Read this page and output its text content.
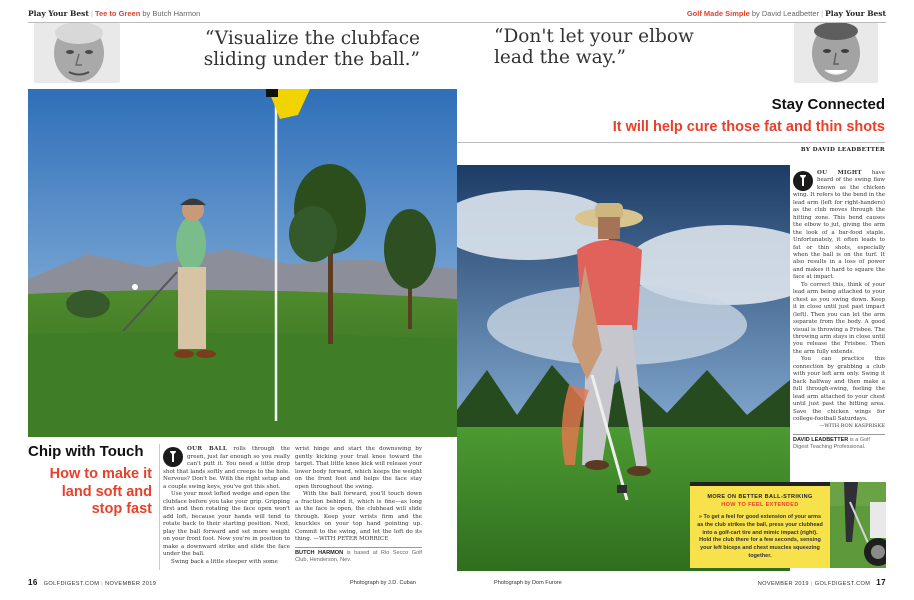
Play Your Best | Tee to Green by Butch Harmon	Golf Made Simple by David Leadbetter | Play Your Best
“Visualize the clubface sliding under the ball.”
“Don't let your elbow lead the way.”
Chip with Touch
How to make it land soft and stop fast

OUR BALL rolls through the green, just far enough so you really can't putt it. You need a little drop shot that lands softly and creeps to the hole. Nervous? Don't be. With the right setup and a couple swing keys, you've got this shot.

Use your most lofted wedge and open the clubface before you take your grip. Gripping first and then rotating the face open won't add loft, because your hands will tend to rotate back to their starting position. Next, play the ball forward and set more weight on your front foot. Now you're in position to make a downward strike and slide the face under the ball.

Swing back a little steeper with some

wrist hinge and start the downswing by gently kicking your trail knee toward the target. That little knee kick will release your lower body forward, which keeps the weight on the front foot and helps the face stay open throughout the swing.

With the ball forward, you'll touch down a fraction behind it, which is fine—as long as the face is open, the clubhead will slide through. Keep your wrists firm and the knuckles on your top hand pointing up. Commit to the swing, and let the loft do its thing. —WITH PETER MORRICE

BUTCH HARMON is based at Rio Secco Golf Club, Henderson, Nev.

Stay Connected
It will help cure those fat and thin shots
BY DAVID LEADBETTER

OU MIGHT have heard of the swing flaw known as the chicken wing. It refers to the bend in the lead arm (left for right-handers) as the club moves through the hitting zone. This bend causes the elbow to jut, giving the arm the look of a bar-food staple. Unfortunately, it often leads to fat or thin shots, especially when the ball is on the turf. It also results in a loss of power and makes it hard to square the face at impact.

To correct this, think of your lead arm being attached to your chest as you swing down. Keep it in close until just past impact (left). Then you can let the arm separate from the body. A good visual is throwing a Frisbee. The throwing arm stays in close until you release the Frisbee. Then the arm fully extends.

You can practice this connection by grabbing a club with your left arm only. Swing it back halfway and then make a full through-swing, feeling the lead arm attached to your chest until just past the hitting area. Save the chicken wings for college-football Saturdays.

—WITH RON KASPRISKE

DAVID LEADBETTER is a Golf Digest Teaching Professional.

MORE ON BETTER BALL-STRIKING
HOW TO FEEL EXTENDED
» To get a feel for good extension of your arms as the club strikes the ball, press your clubhead into a golf-cart tire and mimic impact (right). Hold the club there for a few seconds, sensing your left biceps and chest muscles squeezing together.
Photograph by J.D. Cuban	Photograph by Dom Furore
16 GOLFDIGEST.COM | NOVEMBER 2019	NOVEMBER 2019 | GOLFDIGEST.COM 17
